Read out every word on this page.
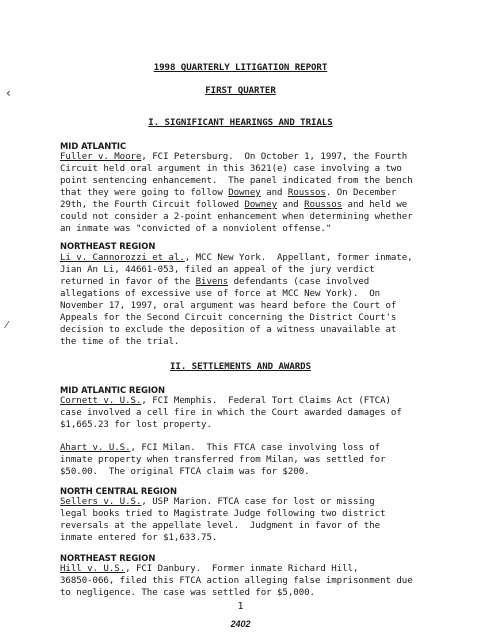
‹
⁄
1998 QUARTERLY LITIGATION REPORT
FIRST QUARTER
I. SIGNIFICANT HEARINGS AND TRIALS
MID ATLANTIC
Fuller v. Moore, FCI Petersburg.  On October 1, 1997, the Fourth
Circuit held oral argument in this 3621(e) case involving a two
point sentencing enhancement.  The panel indicated from the bench
that they were going to follow Downey and Roussos. On December
29th, the Fourth Circuit followed Downey and Roussos and held we
could not consider a 2-point enhancement when determining whether
an inmate was "convicted of a nonviolent offense."
NORTHEAST REGION
Li v. Cannorozzi et al., MCC New York.  Appellant, former inmate,
Jian An Li, 44661-053, filed an appeal of the jury verdict
returned in favor of the Bivens defendants (case involved
allegations of excessive use of force at MCC New York).  On
November 17, 1997, oral argument was heard before the Court of
Appeals for the Second Circuit concerning the District Court's
decision to exclude the deposition of a witness unavailable at
the time of the trial.
II. SETTLEMENTS AND AWARDS
MID ATLANTIC REGION
Cornett v. U.S., FCI Memphis.  Federal Tort Claims Act (FTCA)
case involved a cell fire in which the Court awarded damages of
$1,665.23 for lost property.
Ahart v. U.S., FCI Milan.  This FTCA case involving loss of
inmate property when transferred from Milan, was settled for
$50.00.  The original FTCA claim was for $200.
NORTH CENTRAL REGION
Sellers v. U.S., USP Marion. FTCA case for lost or missing
legal books tried to Magistrate Judge following two district
reversals at the appellate level.  Judgment in favor of the
inmate entered for $1,633.75.
NORTHEAST REGION
Hill v. U.S., FCI Danbury.  Former inmate Richard Hill,
36850-066, filed this FTCA action alleging false imprisonment due
to negligence. The case was settled for $5,000.
1
2402
